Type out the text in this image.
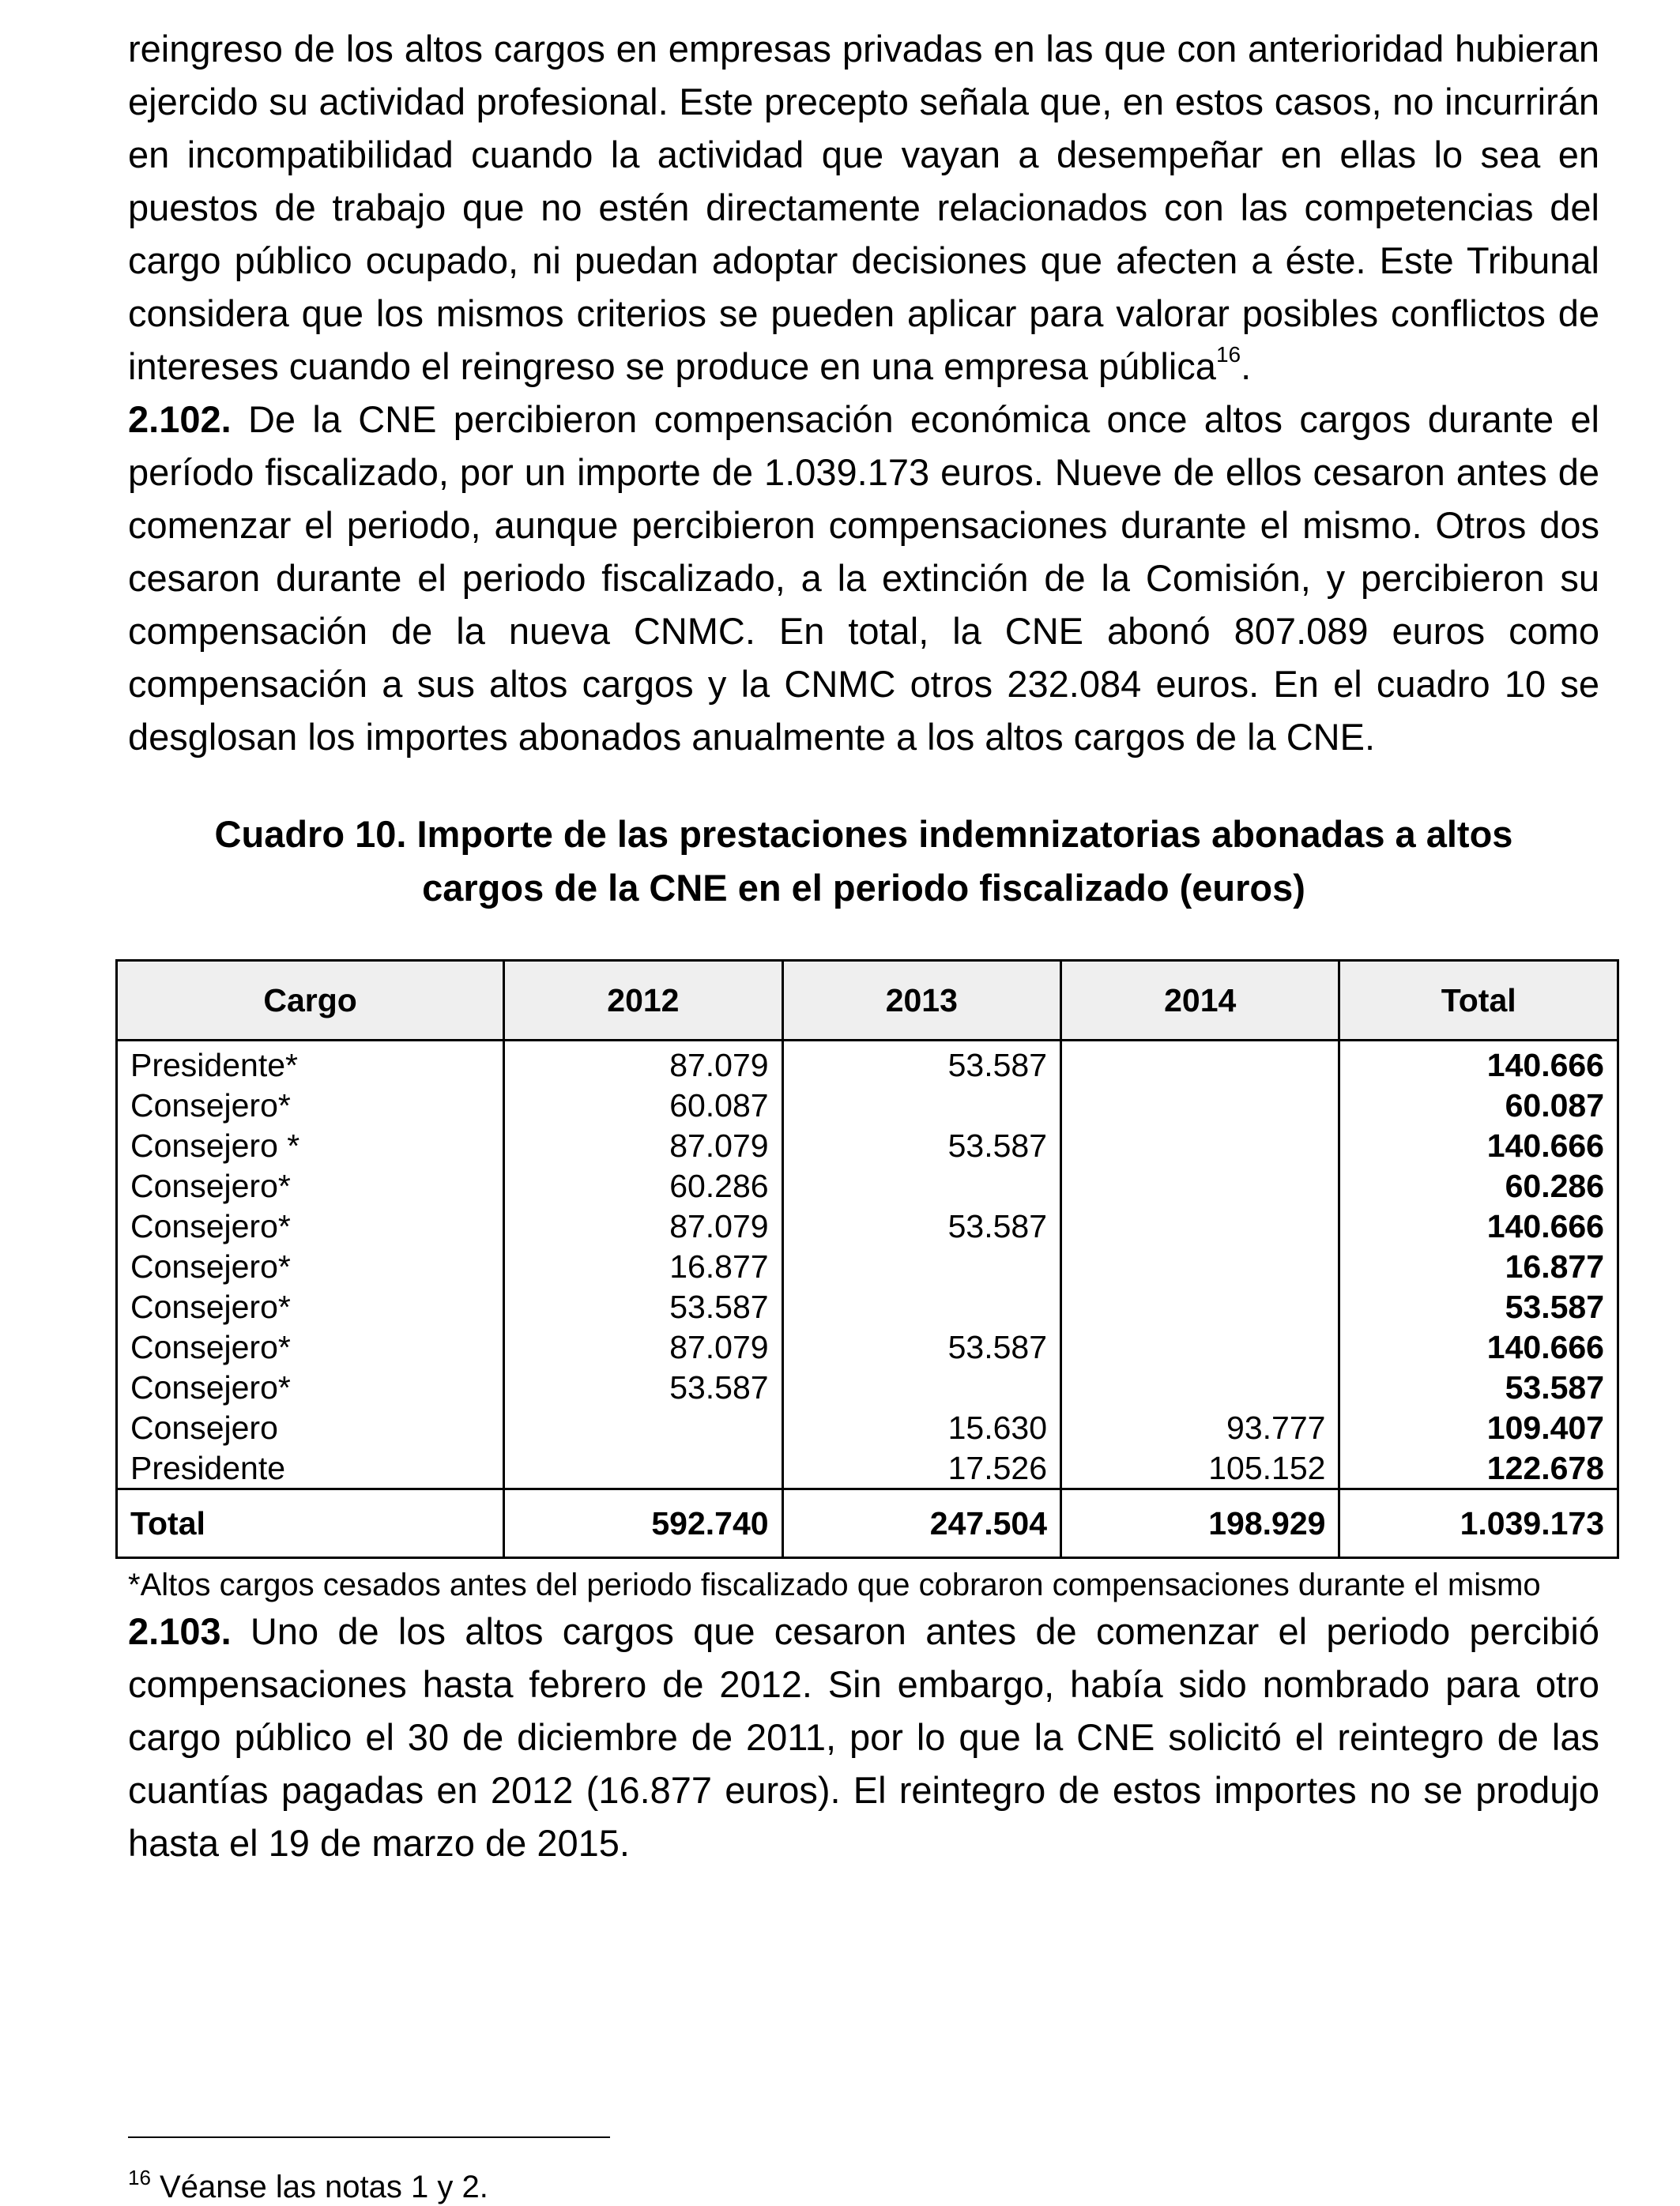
reingreso de los altos cargos en empresas privadas en las que con anterioridad hubieran ejercido su actividad profesional. Este precepto señala que, en estos casos, no incurrirán en incompatibilidad cuando la actividad que vayan a desempeñar en ellas lo sea en puestos de trabajo que no estén directamente relacionados con las competencias del cargo público ocupado, ni puedan adoptar decisiones que afecten a éste. Este Tribunal considera que los mismos criterios se pueden aplicar para valorar posibles conflictos de intereses cuando el reingreso se produce en una empresa pública$^{16}$.

2.102. De la CNE percibieron compensación económica once altos cargos durante el período fiscalizado, por un importe de 1.039.173 euros. Nueve de ellos cesaron antes de comenzar el periodo, aunque percibieron compensaciones durante el mismo. Otros dos cesaron durante el periodo fiscalizado, a la extinción de la Comisión, y percibieron su compensación de la nueva CNMC. En total, la CNE abonó 807.089 euros como compensación a sus altos cargos y la CNMC otros 232.084 euros. En el cuadro 10 se desglosan los importes abonados anualmente a los altos cargos de la CNE.

Cuadro 10. Importe de las prestaciones indemnizatorias abonadas a altos
cargos de la CNE en el periodo fiscalizado (euros)
Cargo	2012	2013	2014	Total
Presidente*	87.079	53.587		140.666
Consejero*	60.087			60.087
Consejero *	87.079	53.587		140.666
Consejero*	60.286			60.286
Consejero*	87.079	53.587		140.666
Consejero*	16.877			16.877
Consejero*	53.587			53.587
Consejero*	87.079	53.587		140.666
Consejero*	53.587			53.587
Consejero		15.630	93.777	109.407
Presidente		17.526	105.152	122.678
Total	592.740	247.504	198.929	1.039.173

*Altos cargos cesados antes del periodo fiscalizado que cobraron compensaciones durante el mismo

2.103. Uno de los altos cargos que cesaron antes de comenzar el periodo percibió compensaciones hasta febrero de 2012. Sin embargo, había sido nombrado para otro cargo público el 30 de diciembre de 2011, por lo que la CNE solicitó el reintegro de las cuantías pagadas en 2012 (16.877 euros). El reintegro de estos importes no se produjo hasta el 19 de marzo de 2015.

$^{16}$ Véanse las notas 1 y 2.
